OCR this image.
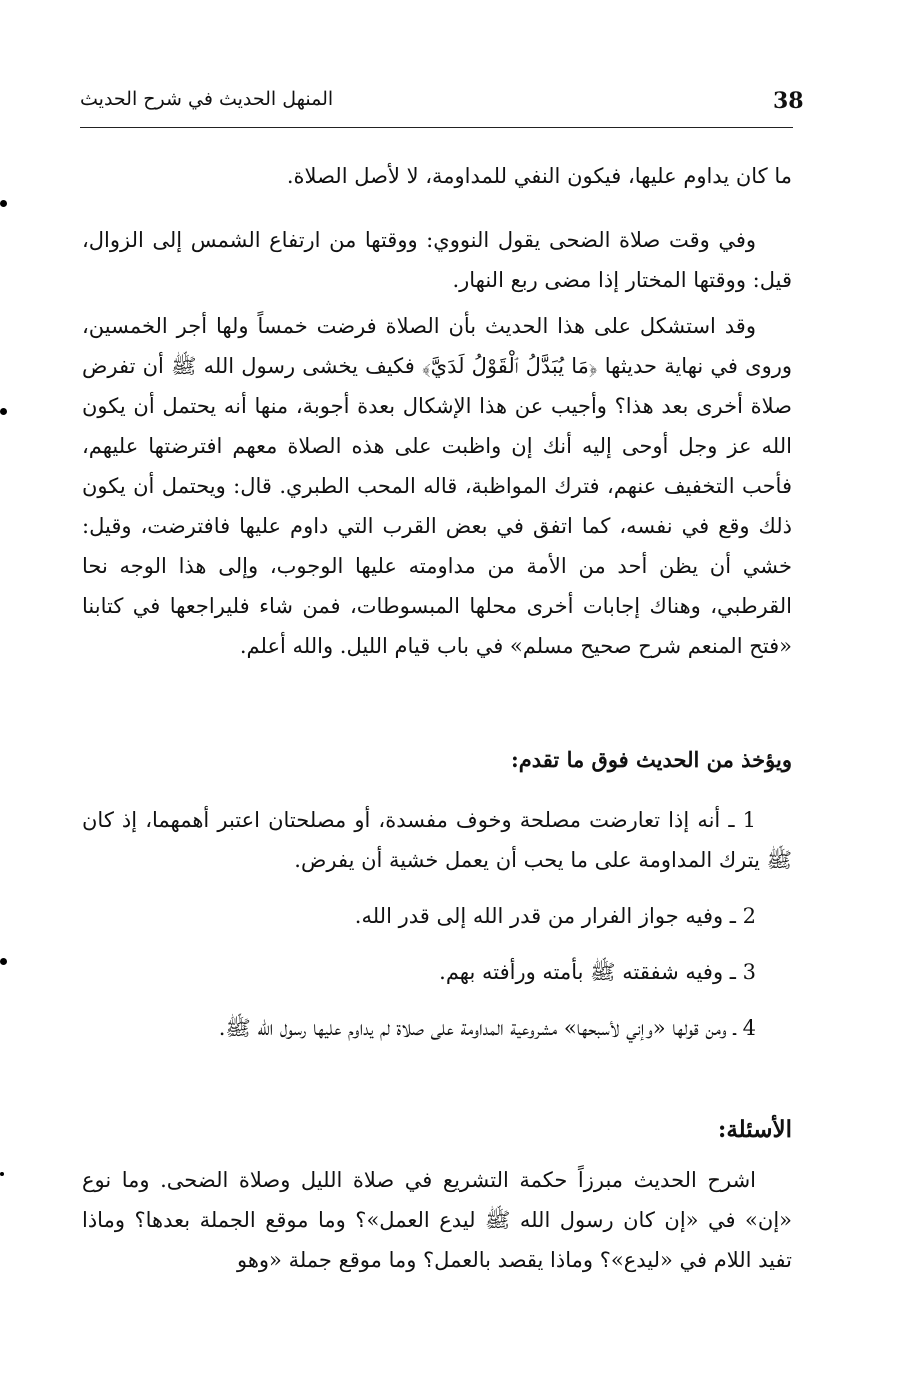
38
المنهل الحديث في شرح الحديث
ما كان يداوم عليها، فيكون النفي للمداومة، لا لأصل الصلاة.
وفي وقت صلاة الضحى يقول النووي: ووقتها من ارتفاع الشمس إلى الزوال، قيل: ووقتها المختار إذا مضى ربع النهار.
وقد استشكل على هذا الحديث بأن الصلاة فرضت خمساً ولها أجر الخمسين، وروى في نهاية حديثها ﴿مَا يُبَدَّلُ ٱلْقَوْلُ لَدَيَّ﴾ فكيف يخشى رسول الله ﷺ أن تفرض صلاة أخرى بعد هذا؟ وأجيب عن هذا الإشكال بعدة أجوبة، منها أنه يحتمل أن يكون الله عز وجل أوحى إليه أنك إن واظبت على هذه الصلاة معهم افترضتها عليهم، فأحب التخفيف عنهم، فترك المواظبة، قاله المحب الطبري. قال: ويحتمل أن يكون ذلك وقع في نفسه، كما اتفق في بعض القرب التي داوم عليها فافترضت، وقيل: خشي أن يظن أحد من الأمة من مداومته عليها الوجوب، وإلى هذا الوجه نحا القرطبي، وهناك إجابات أخرى محلها المبسوطات، فمن شاء فليراجعها في كتابنا «فتح المنعم شرح صحيح مسلم» في باب قيام الليل. والله أعلم.
ويؤخذ من الحديث فوق ما تقدم:
1 ـ أنه إذا تعارضت مصلحة وخوف مفسدة، أو مصلحتان اعتبر أهمهما، إذ كان ﷺ يترك المداومة على ما يحب أن يعمل خشية أن يفرض.
2 ـ وفيه جواز الفرار من قدر الله إلى قدر الله.
3 ـ وفيه شفقته ﷺ بأمته ورأفته بهم.
4 ـ ومن قولها «وإني لأسبحها» مشروعية المداومة على صلاة لم يداوم عليها رسول الله ﷺ.
الأسئلة:
اشرح الحديث مبرزاً حكمة التشريع في صلاة الليل وصلاة الضحى. وما نوع «إن» في «إن كان رسول الله ﷺ ليدع العمل»؟ وما موقع الجملة بعدها؟ وماذا تفيد اللام في «ليدع»؟ وماذا يقصد بالعمل؟ وما موقع جملة «وهو
